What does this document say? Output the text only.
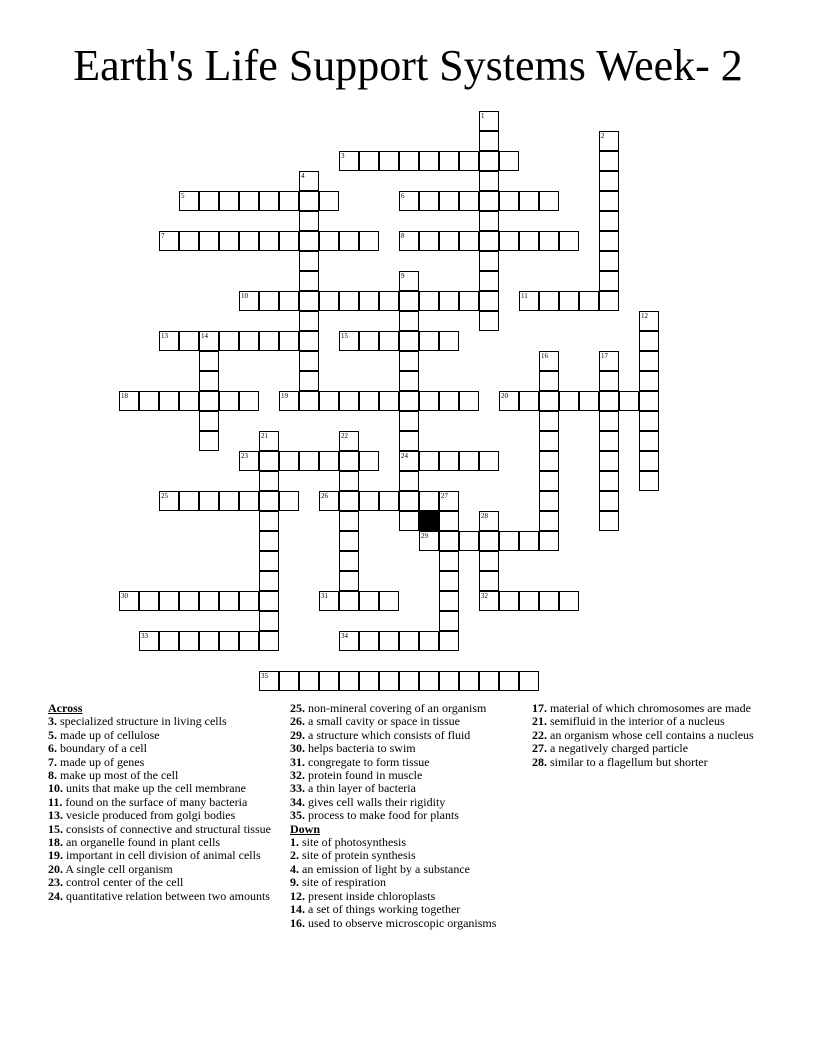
Earth's Life Support Systems Week- 2
1
2
3
4
5	6
7	8
9
10	11
12
13	14	15
16	17
18	19	20
21	22
23	24
25	26	27
28
29
30	31	32
33	34
35
Across
3. specialized structure in living cells
5. made up of cellulose
6. boundary of a cell
7. made up of genes
8. make up most of the cell
10. units that make up the cell membrane
11. found on the surface of many bacteria
13. vesicle produced from golgi bodies
15. consists of connective and structural tissue
18. an organelle found in plant cells
19. important in cell division of animal cells
20. A single cell organism
23. control center of the cell
24. quantitative relation between two amounts
25. non-mineral covering of an organism
26. a small cavity or space in tissue
29. a structure which consists of fluid
30. helps bacteria to swim
31. congregate to form tissue
32. protein found in muscle
33. a thin layer of bacteria
34. gives cell walls their rigidity
35. process to make food for plants
Down
1. site of photosynthesis
2. site of protein synthesis
4. an emission of light by a substance
9. site of respiration
12. present inside chloroplasts
14. a set of things working together
16. used to observe microscopic organisms
17. material of which chromosomes are made
21. semifluid in the interior of a nucleus
22. an organism whose cell contains a nucleus
27. a negatively charged particle
28. similar to a flagellum but shorter
